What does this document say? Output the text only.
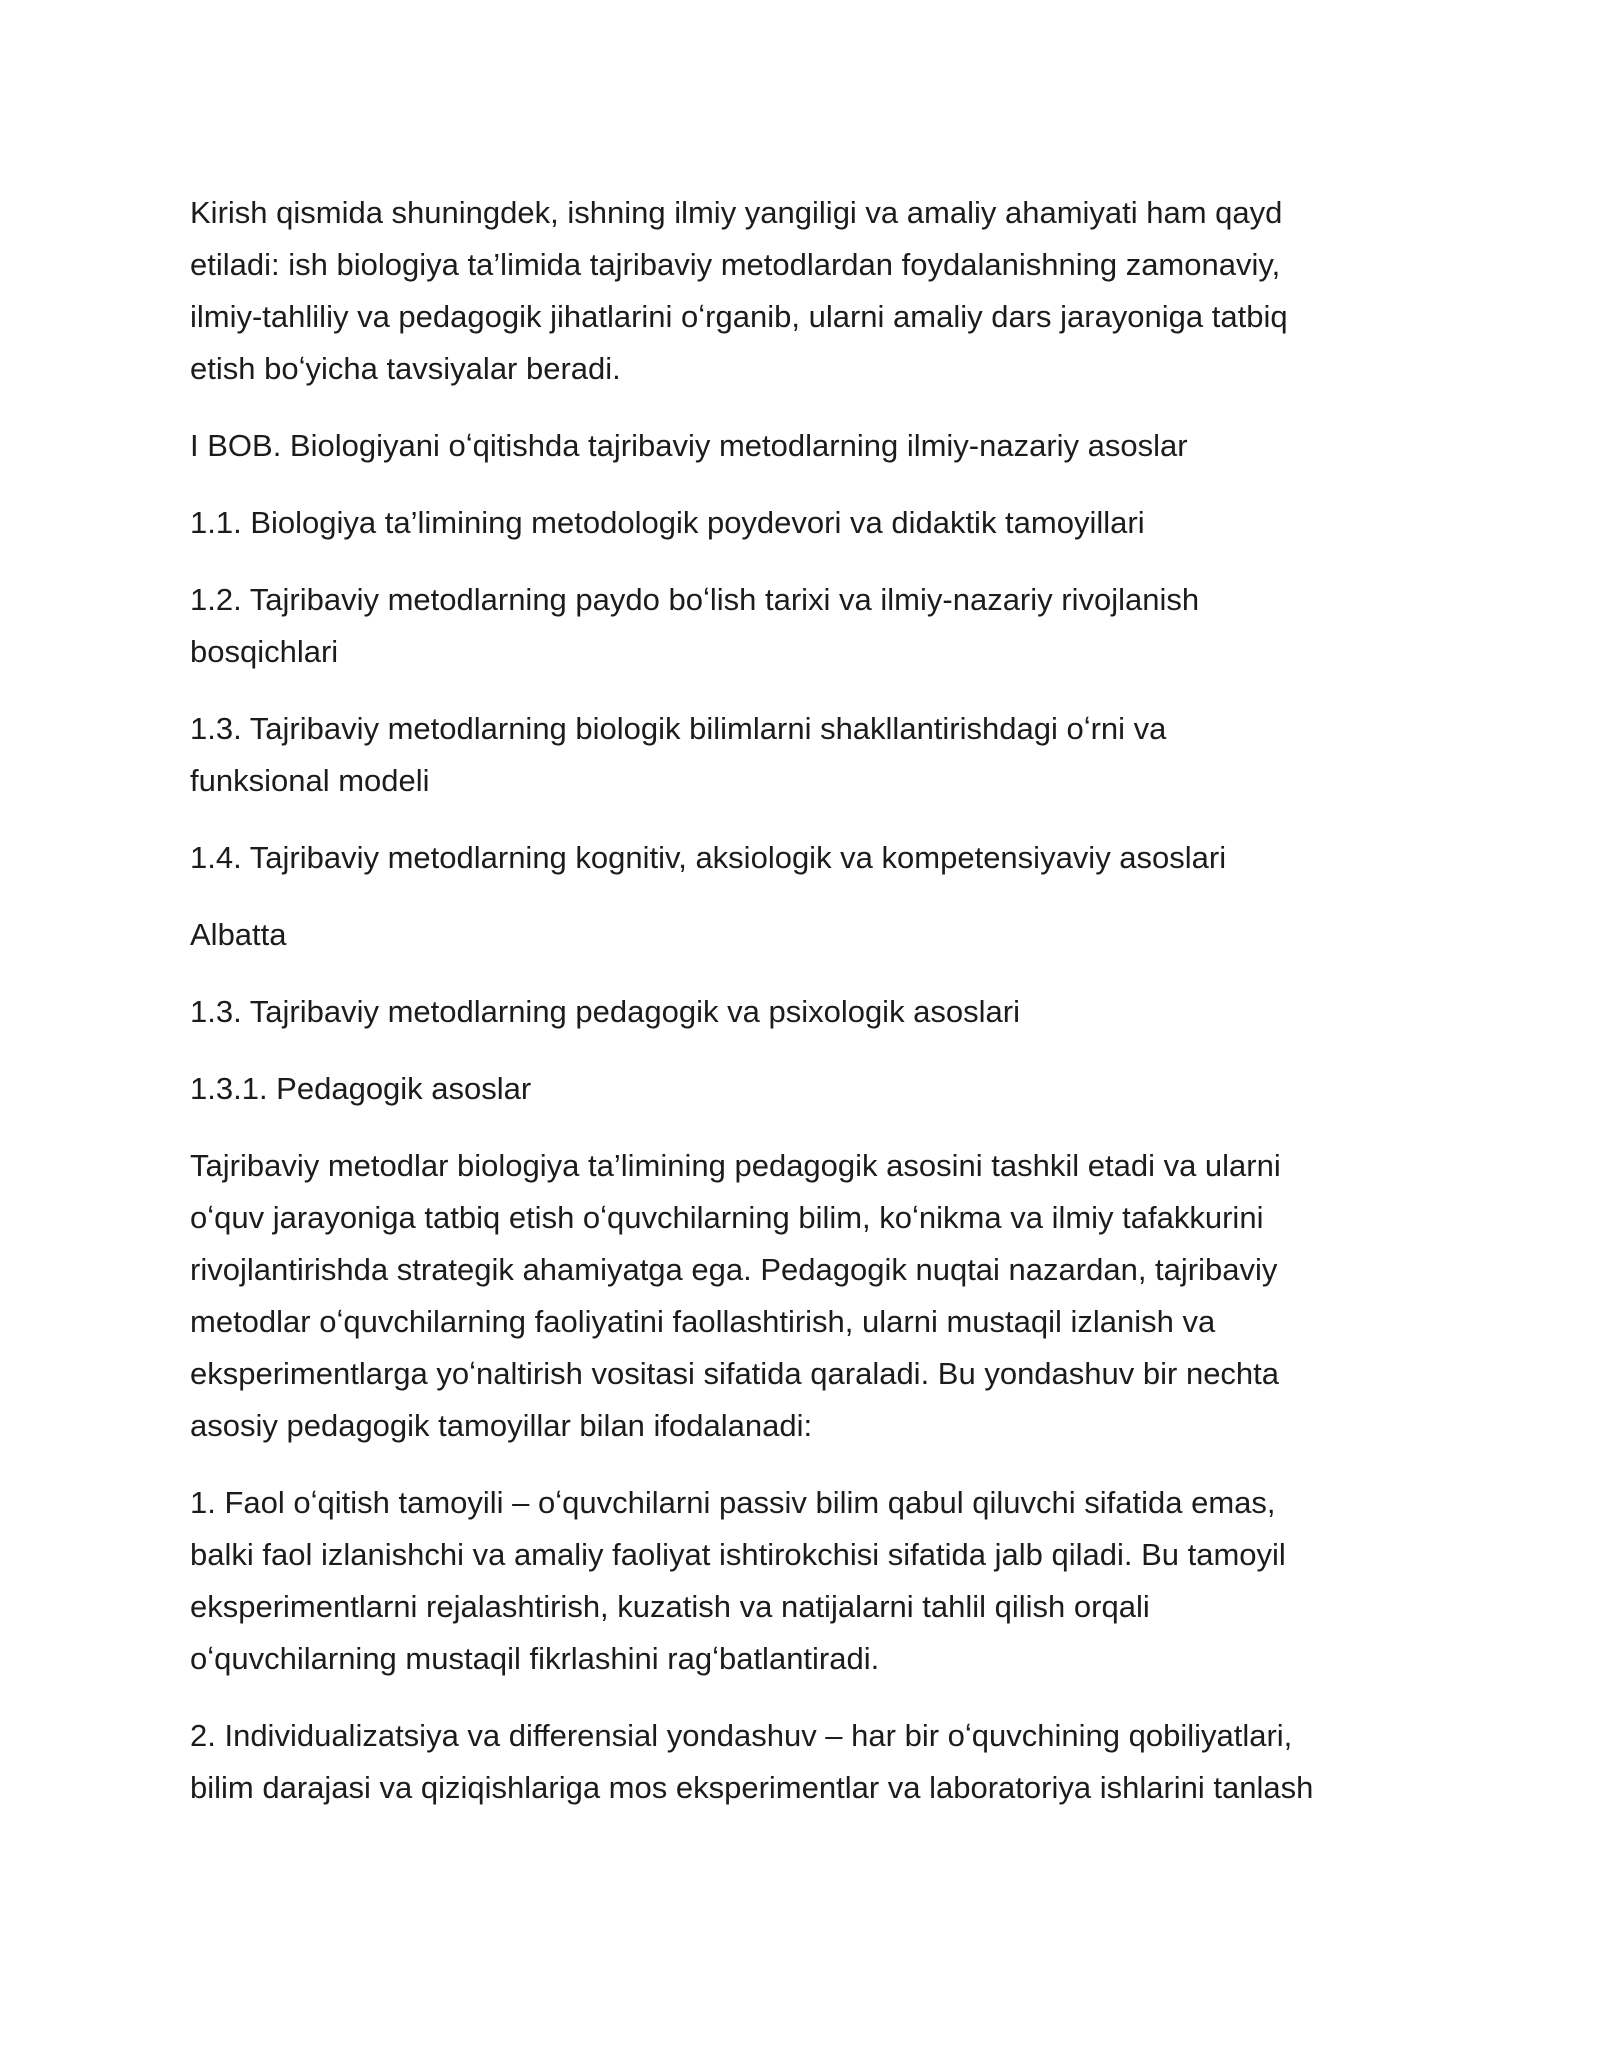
Kirish qismida shuningdek, ishning ilmiy yangiligi va amaliy ahamiyati ham qayd
etiladi: ish biologiya ta’limida tajribaviy metodlardan foydalanishning zamonaviy,
ilmiy-tahliliy va pedagogik jihatlarini oʻrganib, ularni amaliy dars jarayoniga tatbiq
etish boʻyicha tavsiyalar beradi.

I BOB. Biologiyani oʻqitishda tajribaviy metodlarning ilmiy-nazariy asoslar

1.1. Biologiya ta’limining metodologik poydevori va didaktik tamoyillari

1.2. Tajribaviy metodlarning paydo boʻlish tarixi va ilmiy-nazariy rivojlanish
bosqichlari

1.3. Tajribaviy metodlarning biologik bilimlarni shakllantirishdagi oʻrni va
funksional modeli

1.4. Tajribaviy metodlarning kognitiv, aksiologik va kompetensiyaviy asoslari

Albatta

1.3. Tajribaviy metodlarning pedagogik va psixologik asoslari

1.3.1. Pedagogik asoslar

Tajribaviy metodlar biologiya ta’limining pedagogik asosini tashkil etadi va ularni
oʻquv jarayoniga tatbiq etish oʻquvchilarning bilim, koʻnikma va ilmiy tafakkurini
rivojlantirishda strategik ahamiyatga ega. Pedagogik nuqtai nazardan, tajribaviy
metodlar oʻquvchilarning faoliyatini faollashtirish, ularni mustaqil izlanish va
eksperimentlarga yoʻnaltirish vositasi sifatida qaraladi. Bu yondashuv bir nechta
asosiy pedagogik tamoyillar bilan ifodalanadi:

1. Faol oʻqitish tamoyili – oʻquvchilarni passiv bilim qabul qiluvchi sifatida emas,
balki faol izlanishchi va amaliy faoliyat ishtirokchisi sifatida jalb qiladi. Bu tamoyil
eksperimentlarni rejalashtirish, kuzatish va natijalarni tahlil qilish orqali
oʻquvchilarning mustaqil fikrlashini ragʻbatlantiradi.

2. Individualizatsiya va differensial yondashuv – har bir oʻquvchining qobiliyatlari,
bilim darajasi va qiziqishlariga mos eksperimentlar va laboratoriya ishlarini tanlash
